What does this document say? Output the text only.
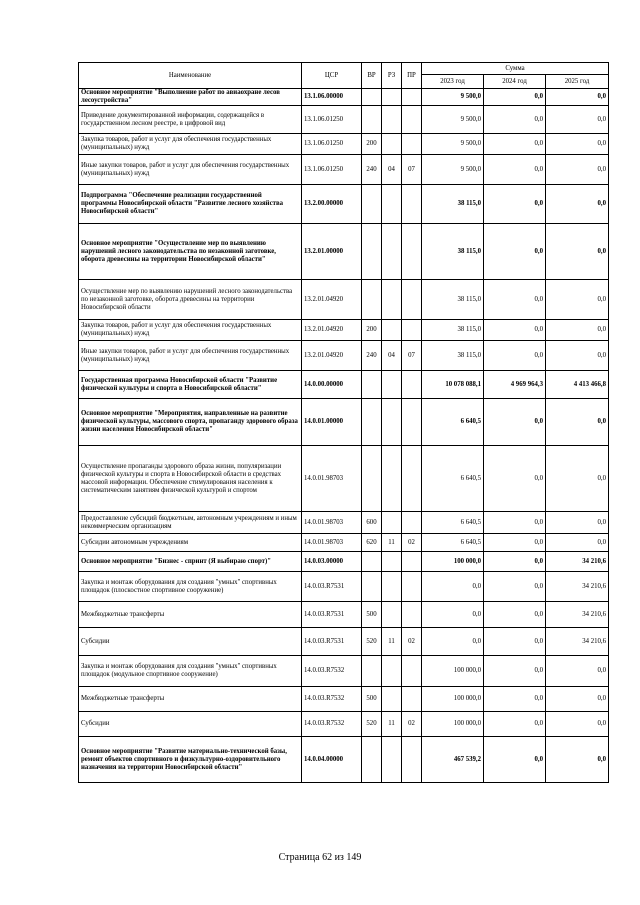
Наименование	ЦСР	ВР	РЗ	ПР	Сумма		
					2023 год	2024 год	2025 год
Основное мероприятие "Выполнение работ по авиаохране лесов лесоустройства"	13.1.06.00000				9 500,0	0,0	0,0
Приведение документированной информации, содержащейся в государственном лесном реестре, в цифровой вид	13.1.06.01250				9 500,0	0,0	0,0
Закупка товаров, работ и услуг для обеспечения государственных (муниципальных) нужд	13.1.06.01250	200			9 500,0	0,0	0,0
Иные закупки товаров, работ и услуг для обеспечения государственных (муниципальных) нужд	13.1.06.01250	240	04	07	9 500,0	0,0	0,0
Подпрограмма "Обеспечение реализации государственной программы Новосибирской области "Развитие лесного хозяйства Новосибирской области"	13.2.00.00000				38 115,0	0,0	0,0
Основное мероприятие "Осуществление мер по выявлению нарушений лесного законодательства по незаконной заготовке, оборота древесины на территории Новосибирской области"	13.2.01.00000				38 115,0	0,0	0,0
Осуществление мер по выявлению нарушений лесного законодательства по незаконной заготовке, оборота древесины на территории Новосибирской области	13.2.01.04920				38 115,0	0,0	0,0
Закупка товаров, работ и услуг для обеспечения государственных (муниципальных) нужд	13.2.01.04920	200			38 115,0	0,0	0,0
Иные закупки товаров, работ и услуг для обеспечения государственных (муниципальных) нужд	13.2.01.04920	240	04	07	38 115,0	0,0	0,0
Государственная программа Новосибирской области "Развитие физической культуры и спорта в Новосибирской области"	14.0.00.00000				10 078 088,1	4 969 964,3	4 413 466,8
Основное мероприятие "Мероприятия, направленные на развитие физической культуры, массового спорта, пропаганду здорового образа жизни населения Новосибирской области"	14.0.01.00000				6 640,5	0,0	0,0
Осуществление пропаганды здорового образа жизни, популяризации физической культуры и спорта в Новосибирской области в средствах массовой информации. Обеспечение стимулирования населения к систематическим занятиям физической культурой и спортом	14.0.01.98703				6 640,5	0,0	0,0
Предоставление субсидий бюджетным, автономным учреждениям и иным некоммерческим организациям	14.0.01.98703	600			6 640,5	0,0	0,0
Субсидии автономным учреждениям	14.0.01.98703	620	11	02	6 640,5	0,0	0,0
Основное мероприятие "Бизнес - спринт (Я выбираю спорт)"	14.0.03.00000				100 000,0	0,0	34 210,6
Закупка и монтаж оборудования для создания "умных" спортивных площадок (плоскостное спортивное сооружение)	14.0.03.R7531				0,0	0,0	34 210,6
Межбюджетные трансферты	14.0.03.R7531	500			0,0	0,0	34 210,6
Субсидии	14.0.03.R7531	520	11	02	0,0	0,0	34 210,6
Закупка и монтаж оборудования для создания "умных" спортивных площадок (модульное спортивное сооружение)	14.0.03.R7532				100 000,0	0,0	0,0
Межбюджетные трансферты	14.0.03.R7532	500			100 000,0	0,0	0,0
Субсидии	14.0.03.R7532	520	11	02	100 000,0	0,0	0,0
Основное мероприятие "Развитие материально-технической базы, ремонт объектов спортивного и физкультурно-оздоровительного назначения на территории Новосибирской области"	14.0.04.00000				467 539,2	0,0	0,0
Страница 62 из 149
